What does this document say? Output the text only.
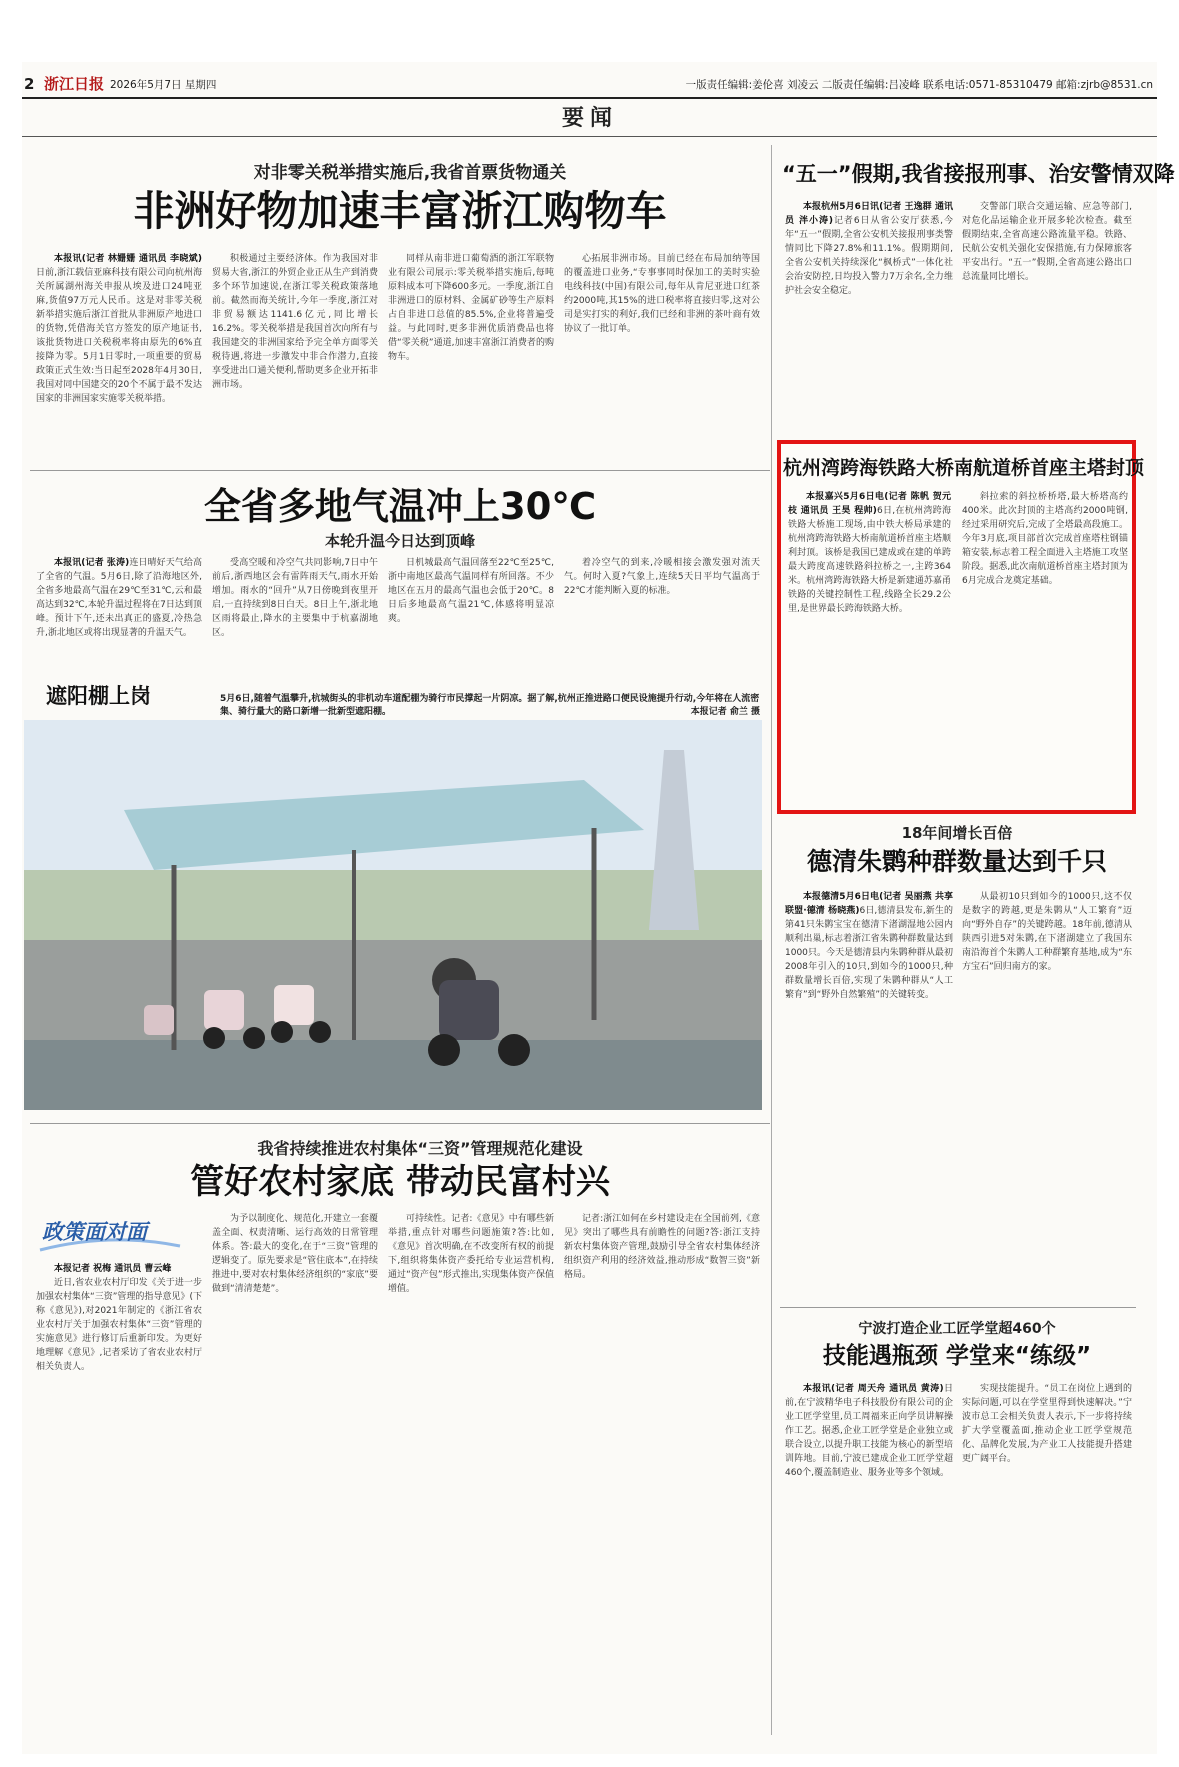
2 浙江日报 2026年5月7日 星期四	一版责任编辑:姜伦喜 刘凌云 二版责任编辑:吕凌峰 联系电话:0571-85310479 邮箱:zjrb@8531.cn
要闻
对非零关税举措实施后,我省首票货物通关
非洲好物加速丰富浙江购物车

本报讯(记者 林姗姗 通讯员 李晓斌)日前,浙江载信亚麻科技有限公司向杭州海关所属湖州海关申报从埃及进口24吨亚麻,货值97万元人民币。这是对非零关税新举措实施后浙江首批从非洲原产地进口的货物,凭借海关官方签发的原产地证书,该批货物进口关税税率将由原先的6%直接降为零。5月1日零时,一项重要的贸易政策正式生效:当日起至2028年4月30日,我国对同中国建交的20个不属于最不发达国家的非洲国家实施零关税举措。

积极通过主要经济体。作为我国对非贸易大省,浙江的外贸企业正从生产到消费多个环节加速说,在浙江零关税政策落地前。截然而海关统计,今年一季度,浙江对非贸易额达1141.6亿元,同比增长16.2%。零关税举措是我国首次向所有与我国建交的非洲国家给予完全单方面零关税待遇,将进一步激发中非合作潜力,直接享受进出口通关便利,帮助更多企业开拓非洲市场。

同样从南非进口葡萄酒的浙江军联物业有限公司展示:零关税举措实施后,每吨原料成本可下降600多元。一季度,浙江自非洲进口的原材料、金属矿砂等生产原料占自非进口总值的85.5%,企业将普遍受益。与此同时,更多非洲优质消费品也将借“零关税”通道,加速丰富浙江消费者的购物车。

心拓展非洲市场。目前已经在布局加纳等国的覆盖进口业务,“专事事同时保加工的美时实验电线科技(中国)有限公司,每年从肯尼亚进口红茶约2000吨,其15%的进口税率将直接归零,这对公司是实打实的利好,我们已经和非洲的茶叶商有效协议了一批订单。

全省多地气温冲上30℃
本轮升温今日达到顶峰

本报讯(记者 张涛)连日晴好天气给高了全省的气温。5月6日,除了沿海地区外,全省多地最高气温在29℃至31℃,云和最高达到32℃,本轮升温过程将在7日达到顶峰。预计下午,还未出真正的盛夏,冷热急升,浙北地区或将出现显著的升温天气。

受高空暖和冷空气共同影响,7日中午前后,浙西地区会有雷阵雨天气,雨水开始增加。雨水的“回升”从7日傍晚到夜里开启,一直持续到8日白天。8日上午,浙北地区雨将最止,降水的主要集中于杭嘉湖地区。

日机城最高气温回落至22℃至25℃,浙中南地区最高气温同样有所回落。不少地区在五月的最高气温也会低于20℃。8日后多地最高气温21℃,体感将明显凉爽。

着冷空气的到来,冷暖相接会激发强对流天气。何时入夏?气象上,连续5天日平均气温高于22℃才能判断入夏的标准。

遮阳棚上岗	5月6日,随着气温攀升,杭城街头的非机动车道配棚为骑行市民撑起一片阴凉。据了解,杭州正推进路口便民设施提升行动,今年将在人流密集、骑行量大的路口新增一批新型遮阳棚。	本报记者 俞兰 摄
我省持续推进农村集体“三资”管理规范化建设
管好农村家底 带动民富村兴
政策面对面

本报记者 祝梅 通讯员 曹云峰

近日,省农业农村厅印发《关于进一步加强农村集体“三资”管理的指导意见》(下称《意见》),对2021年制定的《浙江省农业农村厅关于加强农村集体“三资”管理的实施意见》进行修订后重新印发。为更好地理解《意见》,记者采访了省农业农村厅相关负责人。

为予以制度化、规范化,开建立一套覆盖全面、权责清晰、运行高效的日常管理体系。答:最大的变化,在于“三资”管理的逻辑变了。原先要求是“管住底本”,在持续推进中,要对农村集体经济组织的“家底”要做到“清清楚楚”。

可持续性。记者:《意见》中有哪些新举措,重点针对哪些问题施策?答:比如,《意见》首次明确,在不改变所有权的前提下,组织将集体资产委托给专业运营机构,通过“资产包”形式推出,实现集体资产保值增值。

记者:浙江如何在乡村建设走在全国前列,《意见》突出了哪些具有前瞻性的问题?答:浙江支持新农村集体资产管理,鼓励引导全省农村集体经济组织资产利用的经济效益,推动形成“数智三资”新格局。

“五一”假期,我省接报刑事、治安警情双降

本报杭州5月6日讯(记者 王逸群 通讯员 泮小涛)记者6日从省公安厅获悉,今年“五一”假期,全省公安机关接报刑事类警情同比下降27.8%和11.1%。假期期间,全省公安机关持续深化“枫桥式”一体化社会治安防控,日均投入警力7万余名,全力维护社会安全稳定。

交警部门联合交通运输、应急等部门,对危化品运输企业开展多轮次检查。截至假期结束,全省高速公路流量平稳。铁路、民航公安机关强化安保措施,有力保障旅客平安出行。“五一”假期,全省高速公路出口总流量同比增长。

杭州湾跨海铁路大桥南航道桥首座主塔封顶

本报嘉兴5月6日电(记者 陈帆 贺元枝 通讯员 王昊 程帅)6日,在杭州湾跨海铁路大桥施工现场,由中铁大桥局承建的杭州湾跨海铁路大桥南航道桥首座主塔顺利封顶。该桥是我国已建成或在建的单跨最大跨度高速铁路斜拉桥之一,主跨364米。杭州湾跨海铁路大桥是新建通苏嘉甬铁路的关键控制性工程,线路全长29.2公里,是世界最长跨海铁路大桥。

斜拉索的斜拉桥桥塔,最大桥塔高约400米。此次封顶的主塔高约2000吨钢,经过采用研究后,完成了全塔最高段施工。今年3月底,项目部首次完成首座塔柱钢锚箱安装,标志着工程全面进入主塔施工攻坚阶段。据悉,此次南航道桥首座主塔封顶为6月完成合龙奠定基础。

18年间增长百倍
德清朱鹮种群数量达到千只

本报德清5月6日电(记者 吴丽燕 共享联盟·德清 杨晓燕)6日,德清县发布,新生的第41只朱鹮宝宝在德清下渚湖湿地公园内顺利出巢,标志着浙江省朱鹮种群数量达到1000只。今天是德清县内朱鹮种群从最初2008年引入的10只,到如今的1000只,种群数量增长百倍,实现了朱鹮种群从“人工繁育”到“野外自然繁殖”的关键转变。

从最初10只到如今的1000只,这不仅是数字的跨越,更是朱鹮从“人工繁育”迈向“野外自存”的关键跨越。18年前,德清从陕西引进5对朱鹮,在下渚湖建立了我国东南沿海首个朱鹮人工种群繁育基地,成为“东方宝石”回归南方的家。

宁波打造企业工匠学堂超460个
技能遇瓶颈 学堂来“练级”

本报讯(记者 周天舟 通讯员 黄涛)日前,在宁波精华电子科技股份有限公司的企业工匠学堂里,员工周福来正向学员讲解操作工艺。据悉,企业工匠学堂是企业独立或联合设立,以提升职工技能为核心的新型培训阵地。目前,宁波已建成企业工匠学堂超460个,覆盖制造业、服务业等多个领域。

实现技能提升。“员工在岗位上遇到的实际问题,可以在学堂里得到快速解决。”宁波市总工会相关负责人表示,下一步将持续扩大学堂覆盖面,推动企业工匠学堂规范化、品牌化发展,为产业工人技能提升搭建更广阔平台。
